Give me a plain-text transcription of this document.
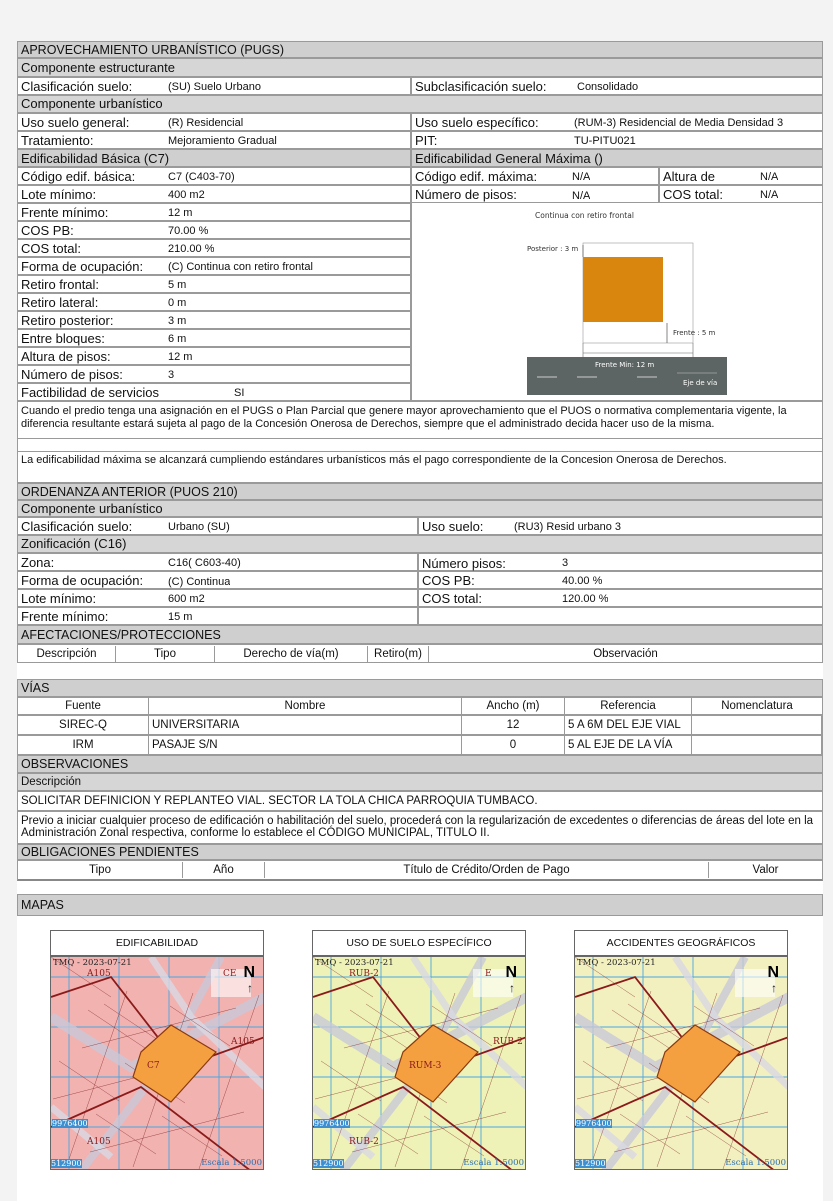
APROVECHAMIENTO URBANÍSTICO (PUGS)
Componente estructurante
Clasificación suelo:	(SU) Suelo Urbano	Subclasificación suelo:	Consolidado
Componente urbanístico
Uso suelo general:	(R) Residencial	Uso suelo específico:	(RUM-3) Residencial de Media Densidad 3
Tratamiento:	Mejoramiento Gradual	PIT:	TU-PITU021
Edificabilidad Básica (C7)	Edificabilidad General Máxima ()
Código edif. básica:	C7 (C403-70)	Código edif. máxima:	N/A	Altura de	N/A
Lote mínimo:	400 m2	Número de pisos:	N/A	COS total:	N/A
Frente mínimo:	12 m
COS PB:	70.00 %
COS total:	210.00 %
Forma de ocupación: (C) Continua con retiro frontal
Retiro frontal:	5 m
Retiro lateral:	0 m
Retiro posterior:	3 m
Entre bloques:	6 m
Altura de pisos:	12 m
Número de pisos:	3
Factibilidad de servicios	SI
Continua con retiro frontal
Posterior : 3 m
Frente : 5 m
Frente Min: 12 m
Eje de vía
Cuando el predio tenga una asignación en el PUGS o Plan Parcial que genere mayor aprovechamiento que el PUOS o normativa complementaria vigente, la diferencia resultante estará sujeta al pago de la Concesión Onerosa de Derechos, siempre que el administrado decida hacer uso de la misma.
La edificabilidad máxima se alcanzará cumpliendo estándares urbanísticos más el pago correspondiente de la Concesion Onerosa de Derechos.
ORDENANZA ANTERIOR (PUOS 210)
Componente urbanístico
Clasificación suelo:	Urbano (SU)	Uso suelo:	(RU3) Resid urbano 3
Zonificación (C16)
Zona:	C16( C603-40)	Número pisos:	3
Forma de ocupación: (C) Continua	COS PB:	40.00 %
Lote mínimo:	600 m2	COS total:	120.00 %
Frente mínimo:	15 m
AFECTACIONES/PROTECCIONES
Descripción	Tipo	Derecho de vía(m)	Retiro(m)	Observación
VÍAS
Fuente	Nombre	Ancho (m)	Referencia	Nomenclatura
SIREC-Q	UNIVERSITARIA	12	5 A 6M DEL EJE VIAL
IRM	PASAJE S/N	0	5 AL EJE DE LA VÍA
OBSERVACIONES
Descripción
SOLICITAR DEFINICION Y REPLANTEO VIAL. SECTOR LA TOLA CHICA PARROQUIA TUMBACO.
Previo a iniciar cualquier proceso de edificación o habilitación del suelo, procederá con la regularización de excedentes o diferencias de áreas del lote en la Administración Zonal respectiva, conforme lo establece el CÓDIGO MUNICIPAL, TITULO II.
OBLIGACIONES PENDIENTES
Tipo	Año	Título de Crédito/Orden de Pago	Valor
MAPAS
EDIFICABILIDAD
TMQ - 2023-07-21
N
↑
9976400
512900	Escala 1:5000
A105	CE
A105
C7
A105
USO DE SUELO ESPECÍFICO
TMQ - 2023-07-21
N
↑
9976400
512900	Escala 1:5000
RUB-2	E
RUB-2
RUM-3
RUB-2
ACCIDENTES GEOGRÁFICOS
TMQ - 2023-07-21
N
↑
9976400
512900	Escala 1:5000
